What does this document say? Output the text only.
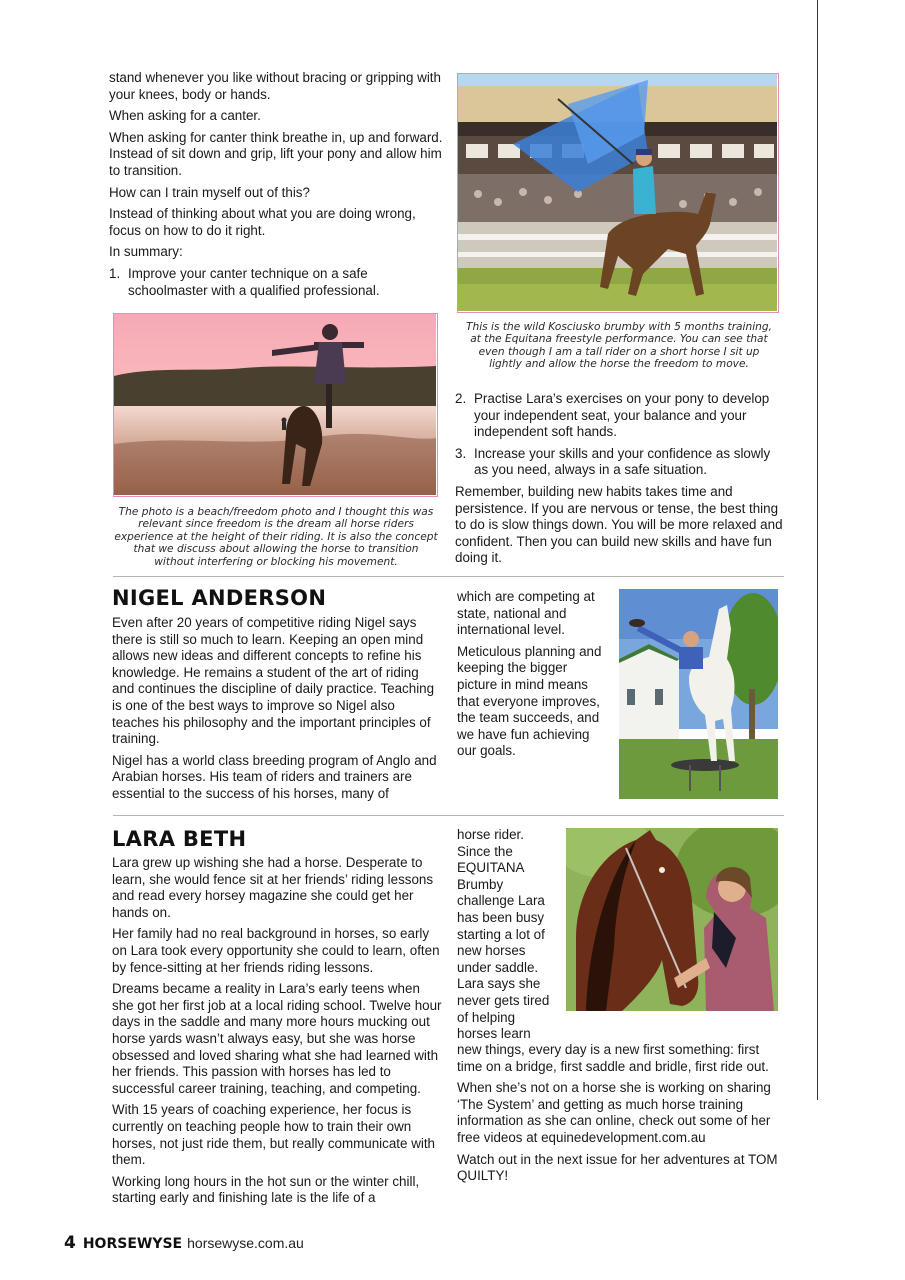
stand whenever you like without bracing or gripping with your knees, body or hands.

When asking for a canter.

When asking for canter think breathe in, up and forward. Instead of sit down and grip, lift your pony and allow him to transition.

How can I train myself out of this?

Instead of thinking about what you are doing wrong, focus on how to do it right.

In summary:

1. Improve your canter technique on a safe schoolmaster with a qualified professional.
This is the wild Kosciusko brumby with 5 months training, at the Equitana freestyle performance. You can see that even though I am a tall rider on a short horse I sit up lightly and allow the horse the freedom to move.
The photo is a beach/freedom photo and I thought this was relevant since freedom is the dream all horse riders experience at the height of their riding. It is also the concept that we discuss about allowing the horse to transition without interfering or blocking his movement.
2. Practise Lara’s exercises on your pony to develop your independent seat, your balance and your independent soft hands.
3. Increase your skills and your confidence as slowly as you need, always in a safe situation.

Remember, building new habits takes time and persistence. If you are nervous or tense, the best thing to do is slow things down. You will be more relaxed and confident. Then you can build new skills and have fun doing it.

NIGEL ANDERSON

Even after 20 years of competitive riding Nigel says there is still so much to learn. Keeping an open mind allows new ideas and different concepts to refine his knowledge. He remains a student of the art of riding and continues the discipline of daily practice. Teaching is one of the best ways to improve so Nigel also teaches his philosophy and the important principles of training.

Nigel has a world class breeding program of Anglo and Arabian horses. His team of riders and trainers are essential to the success of his horses, many of

which are competing at state, national and international level.

Meticulous planning and keeping the bigger picture in mind means that everyone improves, the team succeeds, and we have fun achieving our goals.

LARA BETH

Lara grew up wishing she had a horse. Desperate to learn, she would fence sit at her friends’ riding lessons and read every horsey magazine she could get her hands on.

Her family had no real background in horses, so early on Lara took every opportunity she could to learn, often by fence-sitting at her friends riding lessons.

Dreams became a reality in Lara’s early teens when she got her first job at a local riding school. Twelve hour days in the saddle and many more hours mucking out horse yards wasn’t always easy, but she was horse obsessed and loved sharing what she had learned with her friends. This passion with horses has led to successful career training, teaching, and competing.

With 15 years of coaching experience, her focus is currently on teaching people how to train their own horses, not just ride them, but really communicate with them.

Working long hours in the hot sun or the winter chill, starting early and finishing late is the life of a

horse rider. Since the EQUITANA Brumby challenge Lara has been busy starting a lot of new horses under saddle. Lara says she never gets tired of helping horses learn

new things, every day is a new first something: first time on a bridge, first saddle and bridle, first ride out.

When she’s not on a horse she is working on sharing ‘The System’ and getting as much horse training information as she can online, check out some of her free videos at equinedevelopment.com.au

Watch out in the next issue for her adventures at TOM QUILTY!

4 HORSEWYSE horsewyse.com.au
